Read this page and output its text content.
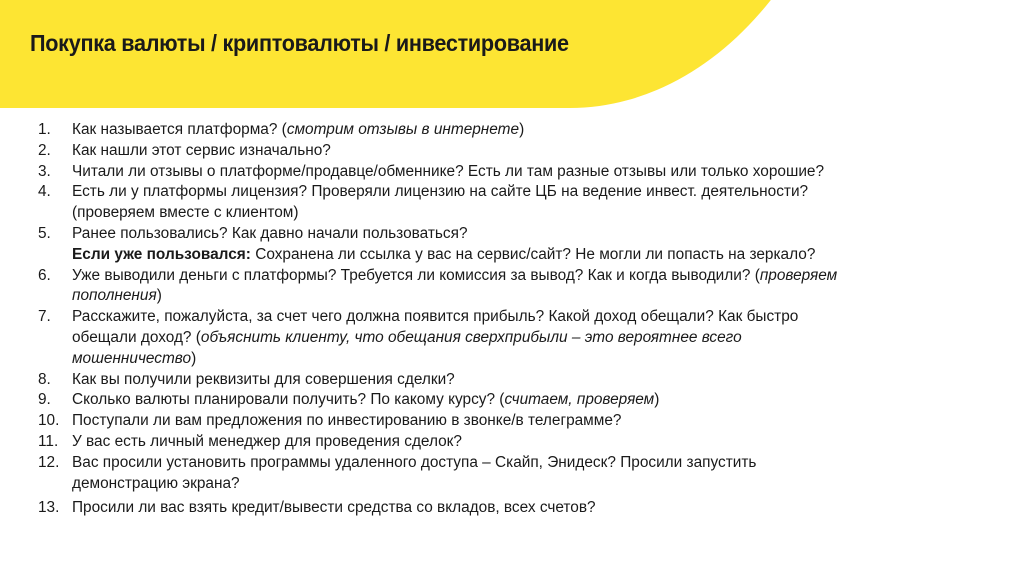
Покупка валюты / криптовалюты / инвестирование
1.	Как называется платформа? (смотрим отзывы в интернете)
2.	Как нашли этот сервис изначально?
3.	Читали ли отзывы о платформе/продавце/обменнике? Есть ли там разные отзывы или только хорошие?
4.	Есть ли у платформы лицензия? Проверяли лицензию на сайте ЦБ на ведение инвест. деятельности?
(проверяем вместе с клиентом)
5.	Ранее пользовались? Как давно начали пользоваться?
Если уже пользовался: Сохранена ли ссылка у вас на сервис/сайт? Не могли ли попасть на зеркало?
6.	Уже выводили деньги с платформы? Требуется ли комиссия за вывод? Как и когда выводили? (проверяем
пополнения)
7.	Расскажите, пожалуйста, за счет чего должна появится прибыль? Какой доход обещали? Как быстро
обещали доход? (объяснить клиенту, что обещания сверхприбыли – это вероятнее всего
мошенничество)
8.	Как вы получили реквизиты для совершения сделки?
9.	Сколько валюты планировали получить? По какому курсу? (считаем, проверяем)
10. Поступали ли вам предложения по инвестированию в звонке/в телеграмме?
11. У вас есть личный менеджер для проведения сделок?
12. Вас просили установить программы удаленного доступа – Скайп, Энидеск? Просили запустить
демонстрацию экрана?
13. Просили ли вас взять кредит/вывести средства со вкладов, всех счетов?
